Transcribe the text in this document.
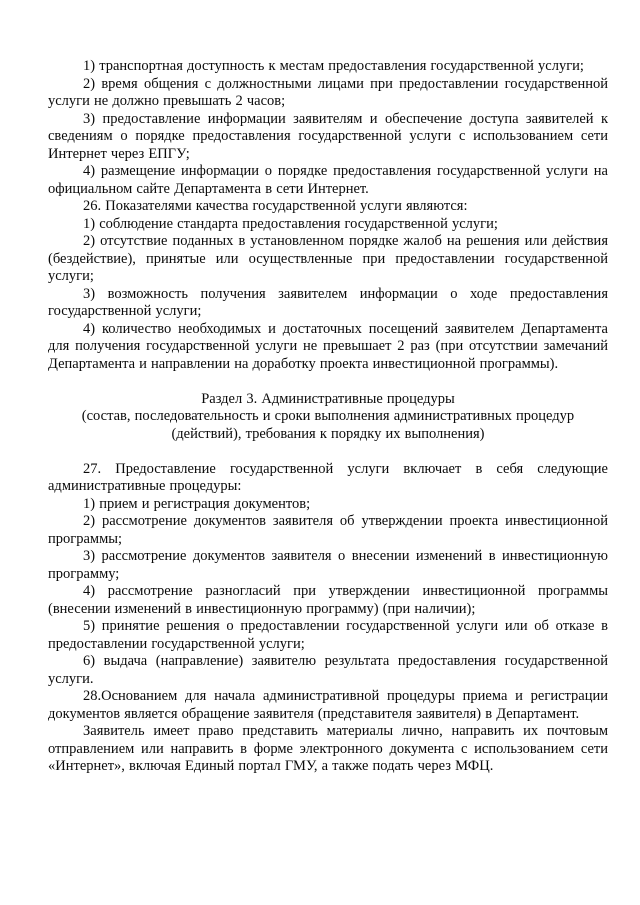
1) транспортная доступность к местам предоставления государственной услуги;

2) время общения с должностными лицами при предоставлении государственной услуги не должно превышать 2 часов;

3) предоставление информации заявителям и обеспечение доступа заявителей к сведениям о порядке предоставления государственной услуги с использованием сети Интернет через ЕПГУ;

4) размещение информации о порядке предоставления государственной услуги на официальном сайте Департамента в сети Интернет.

26. Показателями качества государственной услуги являются:

1) соблюдение стандарта предоставления государственной услуги;

2) отсутствие поданных в установленном порядке жалоб на решения или действия (бездействие), принятые или осуществленные при предоставлении государственной услуги;

3) возможность получения заявителем информации о ходе предоставления государственной услуги;

4) количество необходимых и достаточных посещений заявителем Департамента для получения государственной услуги не превышает 2 раз (при отсутствии замечаний Департамента и направлении на доработку проекта инвестиционной программы).

Раздел 3. Административные процедуры

(состав, последовательность и сроки выполнения административных процедур (действий), требования к порядку их выполнения)

27. Предоставление государственной услуги включает в себя следующие административные процедуры:

1) прием и регистрация документов;

2) рассмотрение документов заявителя об утверждении проекта инвестиционной программы;

3) рассмотрение документов заявителя о внесении изменений в инвестиционную программу;

4) рассмотрение разногласий при утверждении инвестиционной программы (внесении изменений в инвестиционную программу) (при наличии);

5) принятие решения о предоставлении государственной услуги или об отказе в предоставлении государственной услуги;

6) выдача (направление) заявителю результата предоставления государственной услуги.

28.Основанием для начала административной процедуры приема и регистрации документов является обращение заявителя (представителя заявителя) в Департамент.

Заявитель имеет право представить материалы лично, направить их почтовым отправлением или направить в форме электронного документа с использованием сети «Интернет», включая Единый портал ГМУ, а также подать через МФЦ.
